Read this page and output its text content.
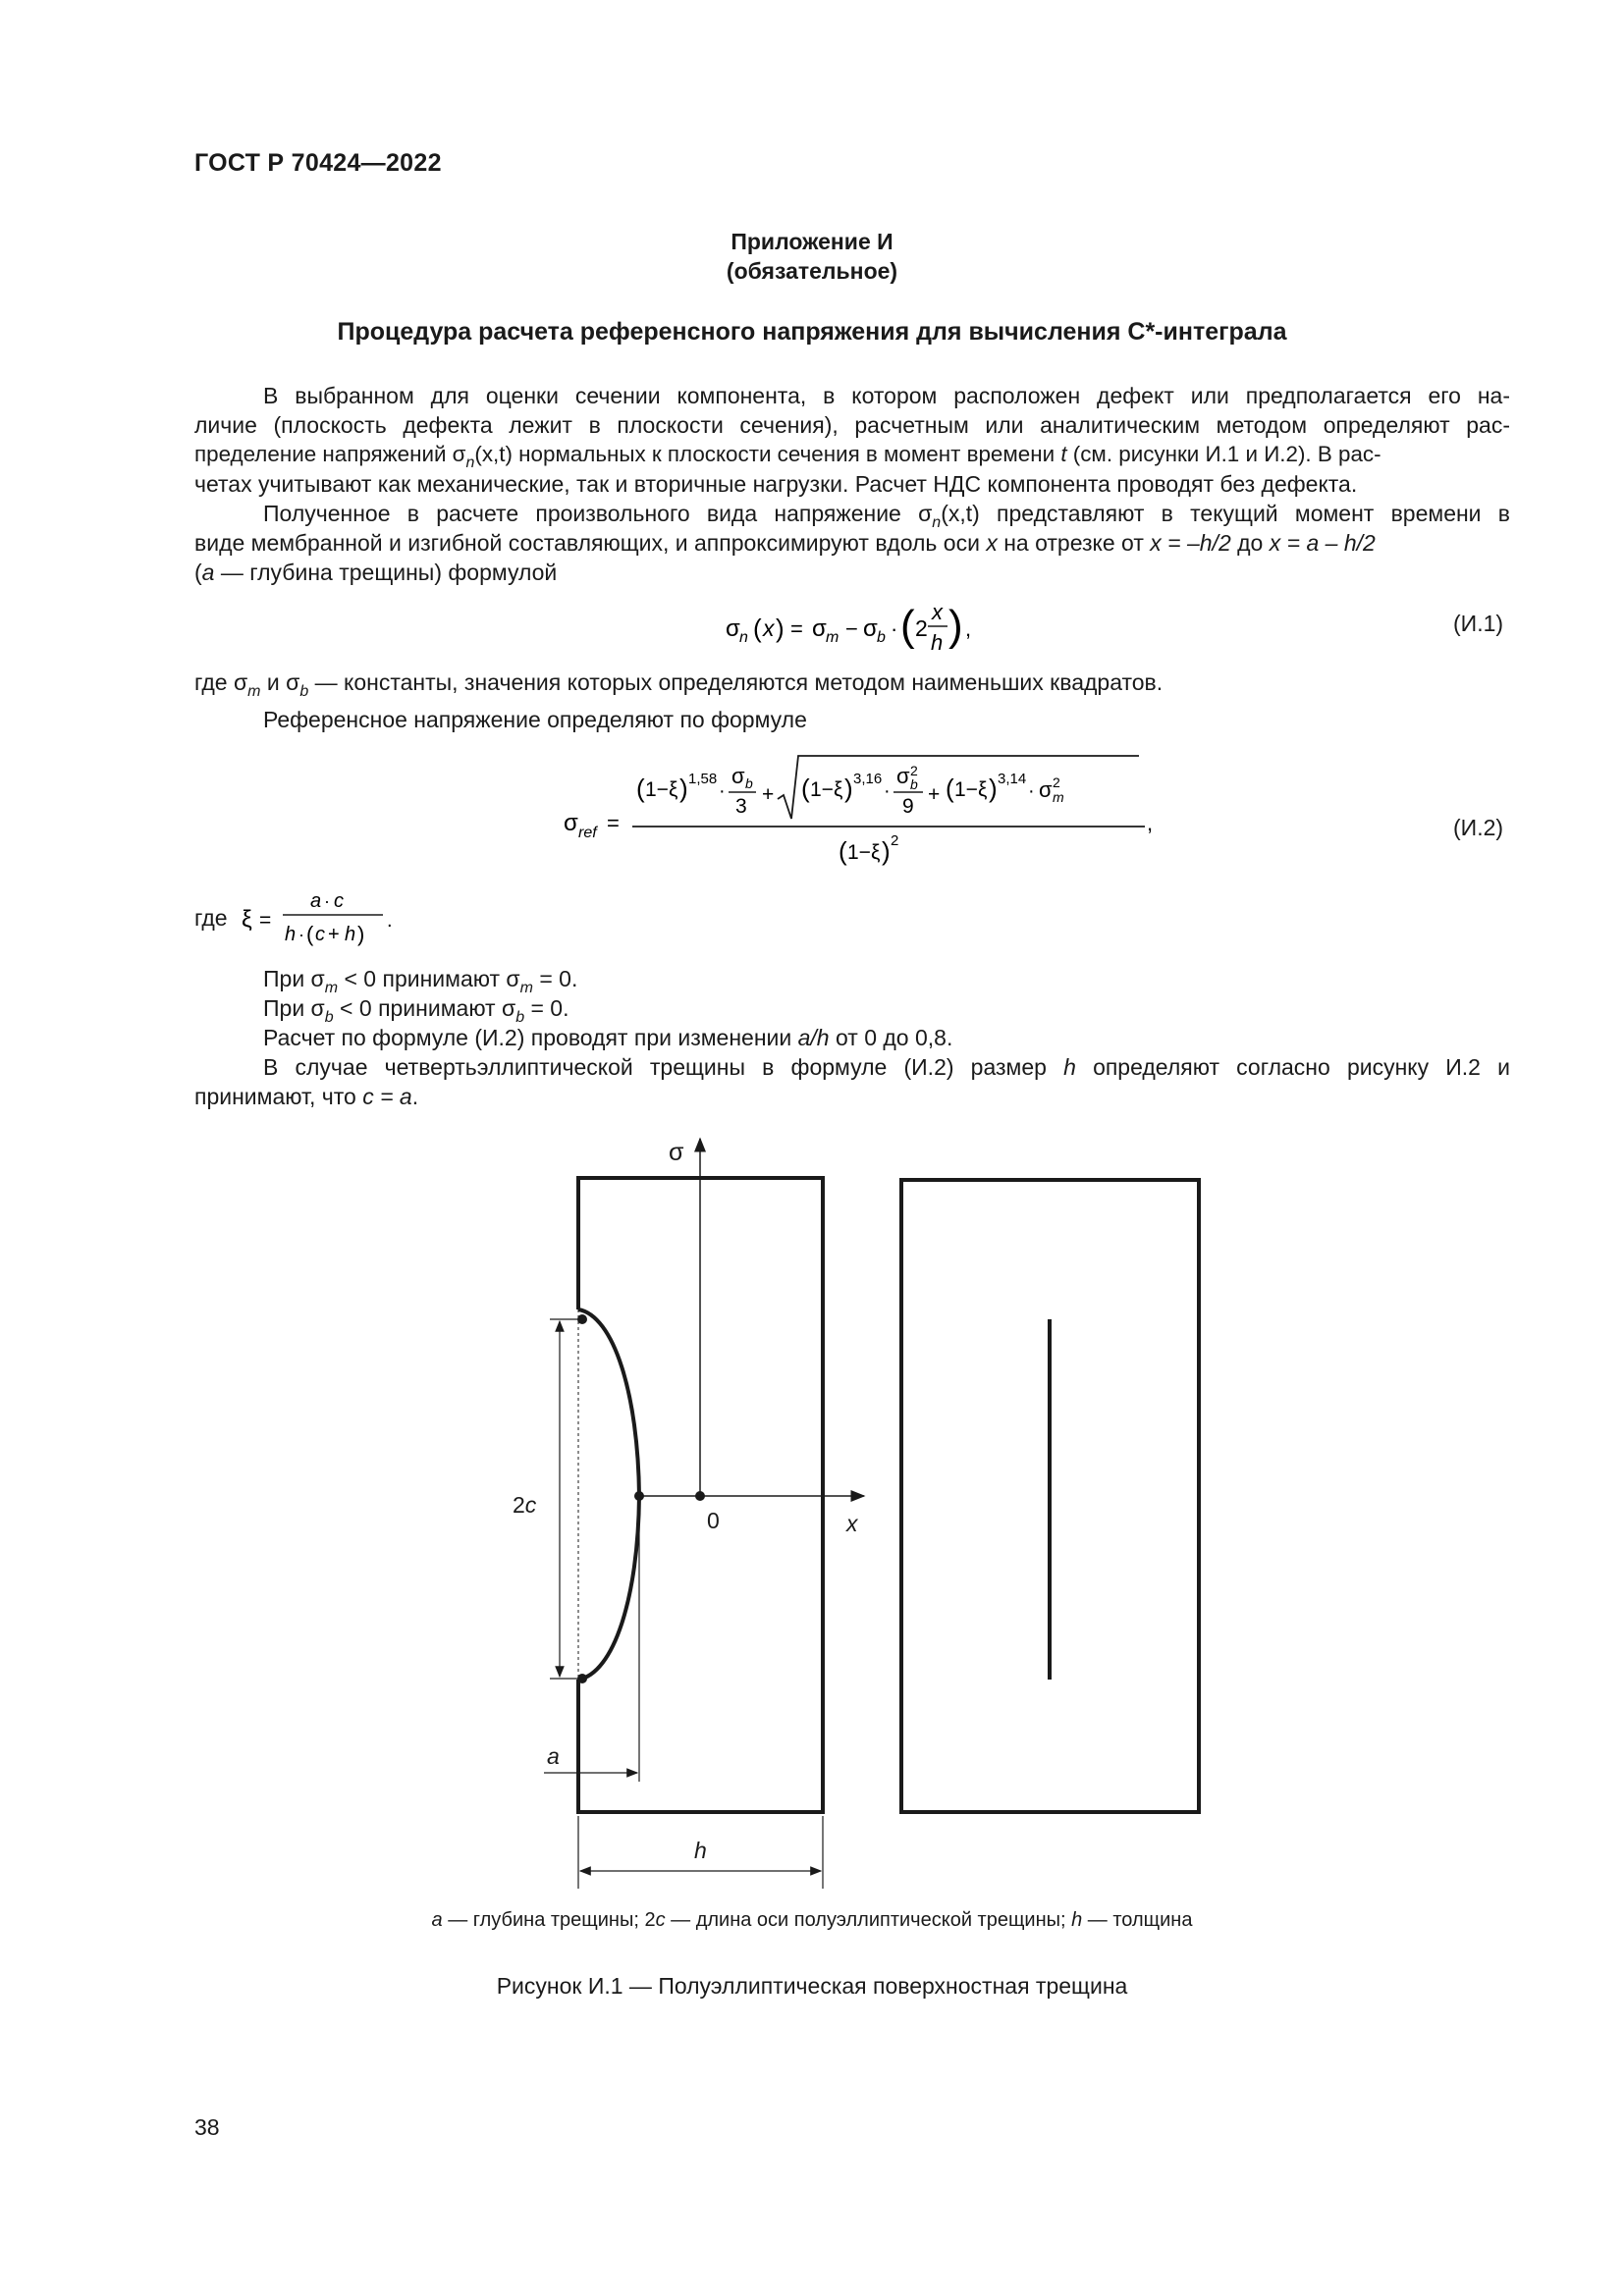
ГОСТ Р 70424—2022
Приложение И
(обязательное)
Процедура расчета референсного напряжения для вычисления С*-интеграла
В выбранном для оценки сечении компонента, в котором расположен дефект или предполагается его на-
личие (плоскость дефекта лежит в плоскости сечения), расчетным или аналитическим методом определяют рас-
пределение напряжений $\sigma_n(x,t)$ нормальных к плоскости сечения в момент времени t (см. рисунки И.1 и И.2). В рас-
четах учитывают как механические, так и вторичные нагрузки. Расчет НДС компонента проводят без дефекта.
Полученное в расчете произвольного вида напряжение $\sigma_n(x,t)$ представляют в текущий момент времени в
виде мембранной и изгибной составляющих, и аппроксимируют вдоль оси x на отрезке от x = –h/2 до x = a – h/2
(a — глубина трещины) формулой
σ n ( x ) = σ m − σ b · ( 2
x
h ) ,	(И.1)
где $\sigma_m$ и $\sigma_b$ — константы, значения которых определяются методом наименьших квадратов.
Референсное напряжение определяют по формуле
σ ref =
( 1−ξ ) 1,58
·
σ b
3
+ ( 1−ξ ) 3,16
·
σ 2
b
9
+ ( 1−ξ ) 3,14
· σ 2
m
,
( 1−ξ ) 2
(И.2)
где ξ =
a · c
h · ( c + h )
.
При $\sigma_m < 0$ принимают $\sigma_m = 0$.
При $\sigma_b < 0$ принимают $\sigma_b = 0$.
Расчет по формуле (И.2) проводят при изменении a/h от 0 до 0,8.
В случае четвертьэллиптической трещины в формуле (И.2) размер h определяют согласно рисунку И.2 и
принимают, что c = a.
σ
2c
0	x
a
h
a — глубина трещины; 2c — длина оси полуэллиптической трещины; h — толщина
Рисунок И.1 — Полуэллиптическая поверхностная трещина
38
